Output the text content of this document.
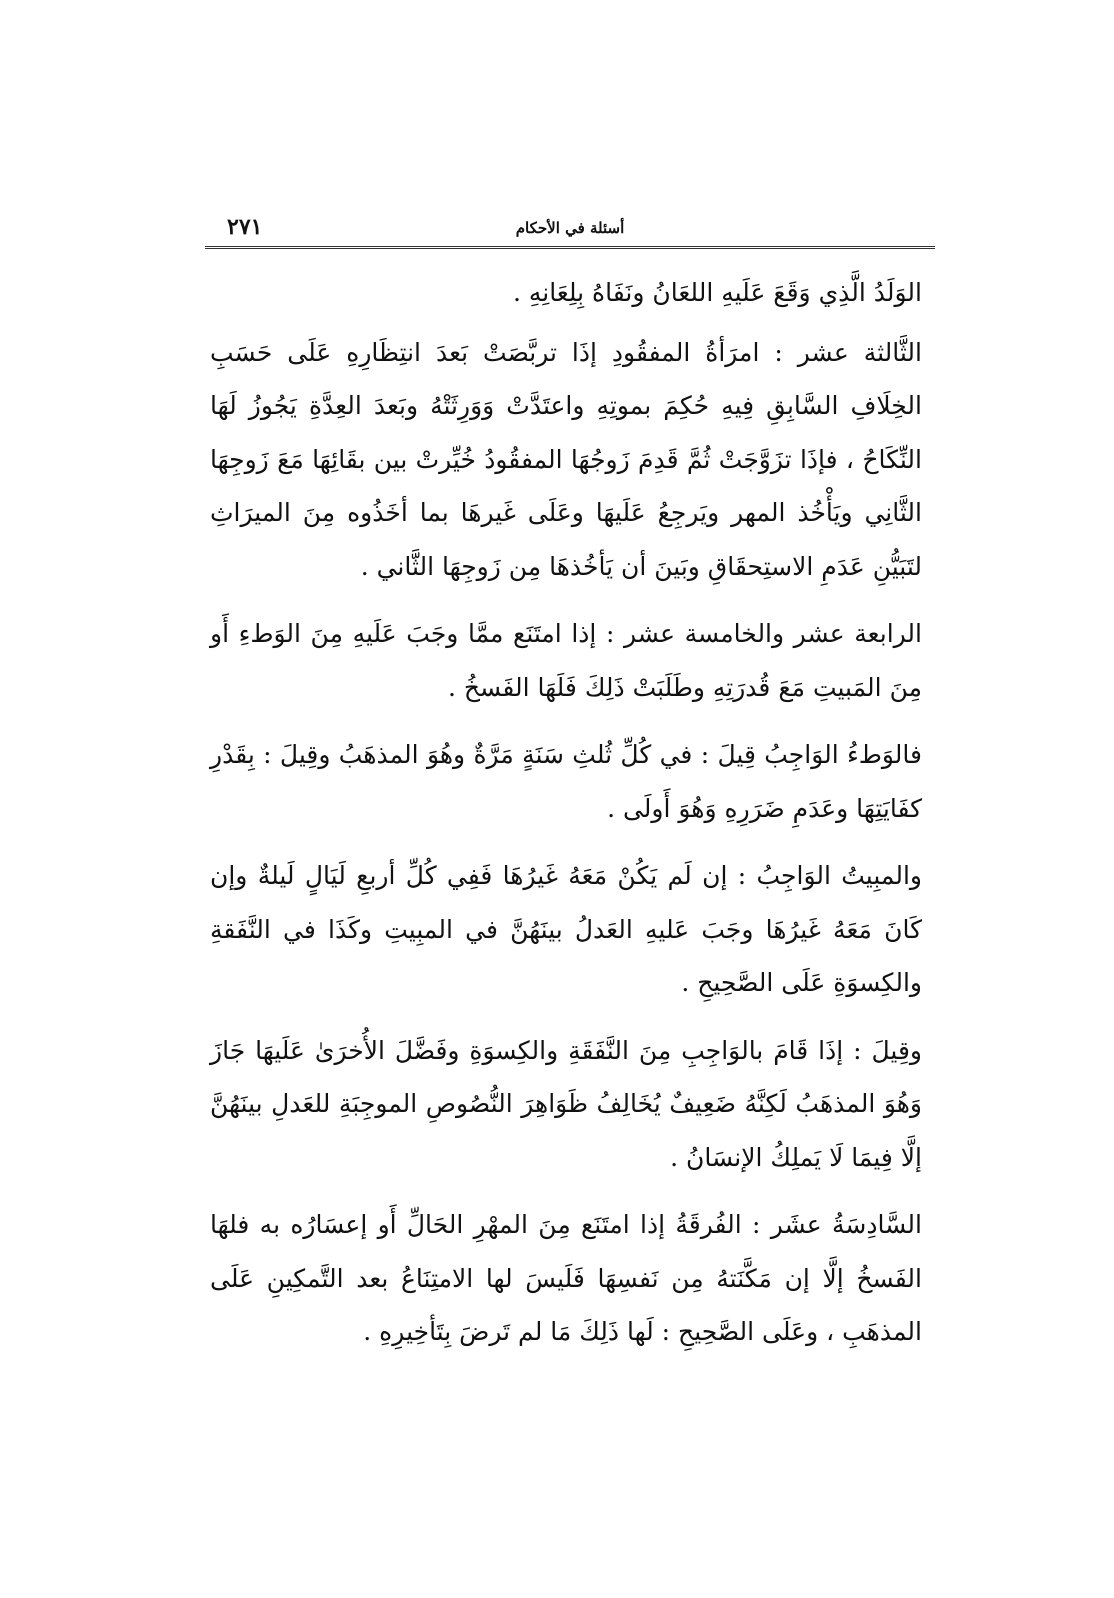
٢٧١	أسئلة في الأحكام

الوَلَدُ الَّذِي وَقَعَ عَلَيهِ اللعَانُ ونَفَاهُ بِلِعَانِهِ .

الثَّالثة عشر : امرَأةُ المفقُودِ إذَا تربَّصَتْ بَعدَ انتِظَارِهِ عَلَى حَسَبِ الخِلَافِ السَّابِقِ فِيهِ حُكِمَ بموتِهِ واعتَدَّتْ وَوَرِثَتْهُ وبَعدَ العِدَّةِ يَجُوزُ لَهَا النِّكَاحُ ، فإذَا تزَوَّجَتْ ثُمَّ قَدِمَ زَوجُهَا المفقُودُ خُيِّرتْ بين بقَائِهَا مَعَ زَوجِهَا الثَّانِي ويَأْخُذ المهر ويَرجِعُ عَلَيهَا وعَلَى غَيرهَا بما أخَذُوه مِنَ الميرَاثِ لتَبَيُّنِ عَدَمِ الاستِحقَاقِ وبَينَ أن يَأخُذهَا مِن زَوجِهَا الثَّاني .

الرابعة عشر والخامسة عشر : إذا امتَنَع ممَّا وجَبَ عَلَيهِ مِنَ الوَطءِ أَو مِنَ المَبيتِ مَعَ قُدرَتِهِ وطَلَبَتْ ذَلِكَ فَلَهَا الفَسخُ .

فالوَطءُ الوَاجِبُ قِيلَ : في كُلِّ ثُلثِ سَنَةٍ مَرَّةٌ وهُوَ المذهَبُ وقِيلَ : بِقَدْرِ كفَايَتِهَا وعَدَمِ ضَرَرِهِ وَهُوَ أَولَى .

والمبِيتُ الوَاجِبُ : إن لَم يَكُنْ مَعَهُ غَيرُهَا فَفِي كُلِّ أربعِ لَيَالٍ لَيلةٌ وإن كَانَ مَعَهُ غَيرُهَا وجَبَ عَليهِ العَدلُ بينَهُنَّ في المبِيتِ وكَذَا في النَّفَقةِ والكِسوَةِ عَلَى الصَّحِيحِ .

وقِيلَ : إذَا قَامَ بالوَاجِبِ مِنَ النَّفَقَةِ والكِسوَةِ وفَضَّلَ الأُخرَىٰ عَلَيهَا جَازَ وَهُوَ المذهَبُ لَكِنَّهُ ضَعِيفٌ يُخَالِفُ ظَوَاهِرَ النُّصُوصِ الموجِبَةِ للعَدلِ بينَهُنَّ إلَّا فِيمَا لَا يَملِكُ الإنسَانُ .

السَّادِسَةُ عشَر : الفُرقَةُ إذا امتَنَع مِنَ المهْرِ الحَالِّ أَو إعسَارُه به فلهَا الفَسخُ إلَّا إن مَكَّنَتهُ مِن نَفسِهَا فَلَيسَ لها الامتِنَاعُ بعد التَّمكِينِ عَلَى المذهَبِ ، وعَلَى الصَّحِيحِ : لَها ذَلِكَ مَا لم تَرضَ بِتَأخِيرِهِ .
